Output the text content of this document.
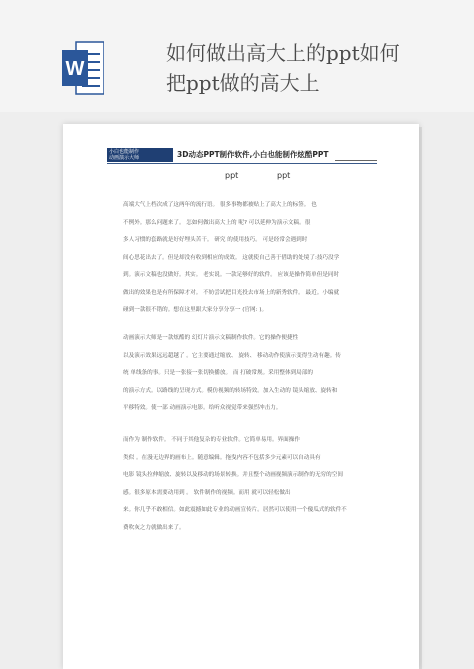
W
如何做出高大上的ppt如何
把ppt做的高大上
小白也能制作
动画演示大师	3D动态PPT制作软件,小白也能制作炫酷PPT
ppt	ppt
高端大气上档次成了这两年的流行语。 很多事物都被贴上了高大上的标签。 也
不例外。那么问题来了。 怎如何做出高大上的 呢? 可以延伸为演示文稿。很
多人习惯的套路就是好好埋头苦干。 研究 的使用技巧。 可是经常会遇到时
间心思花出去了。但是却没有收到相应的成效。 这就使自己善于借助的处境了:技巧没学
到。演示文稿也没做好。其实。 老实说。一款足够好的软件。 应该是操作简单但是同时
做出的效果也是有所保障才对。 不妨尝试把目光投去市场上的新秀软件。 最近。小编就
碰到一款很不错的。想在这里跟大家分享分享一 (官网: )。
动画演示大师是一款炫酷的 幻灯片演示文稿制作软件。它的操作便捷性
以及演示效果远远超越了 。它主要通过缩放、 旋转、 移动动作使演示变得生动有趣。传
统 单线条的事。只是一张接一张切换播放。 而 打破常规。采用整体到局部的
的演示方式。以路线的呈现方式。模仿视频的转场特效。加入生动的 镜头缩放、旋转和
平移特效。使一部 动画演示电影。给听众视觉带来强烈冲击力。
而作为 制作软件。 不同于其他复杂的专业软件。它简单易用。界面操作
类似 。在漫无边界的画布上。随意编辑。拖曳内容不包括多少元素可以自动具有
电影 镜头拉伸缩放、旋转以及移动的场景转换。并且整个动画视频演示制作的无穷的空间
感。很多原本需要动用到 。 软件制作的视频。而用 就可以轻松做出
来。你几乎不敢相信。如此震撼如此专业的动画宣传片。居然可以使用一个傻瓜式的软件不
费吹灰之力就做出来了。
